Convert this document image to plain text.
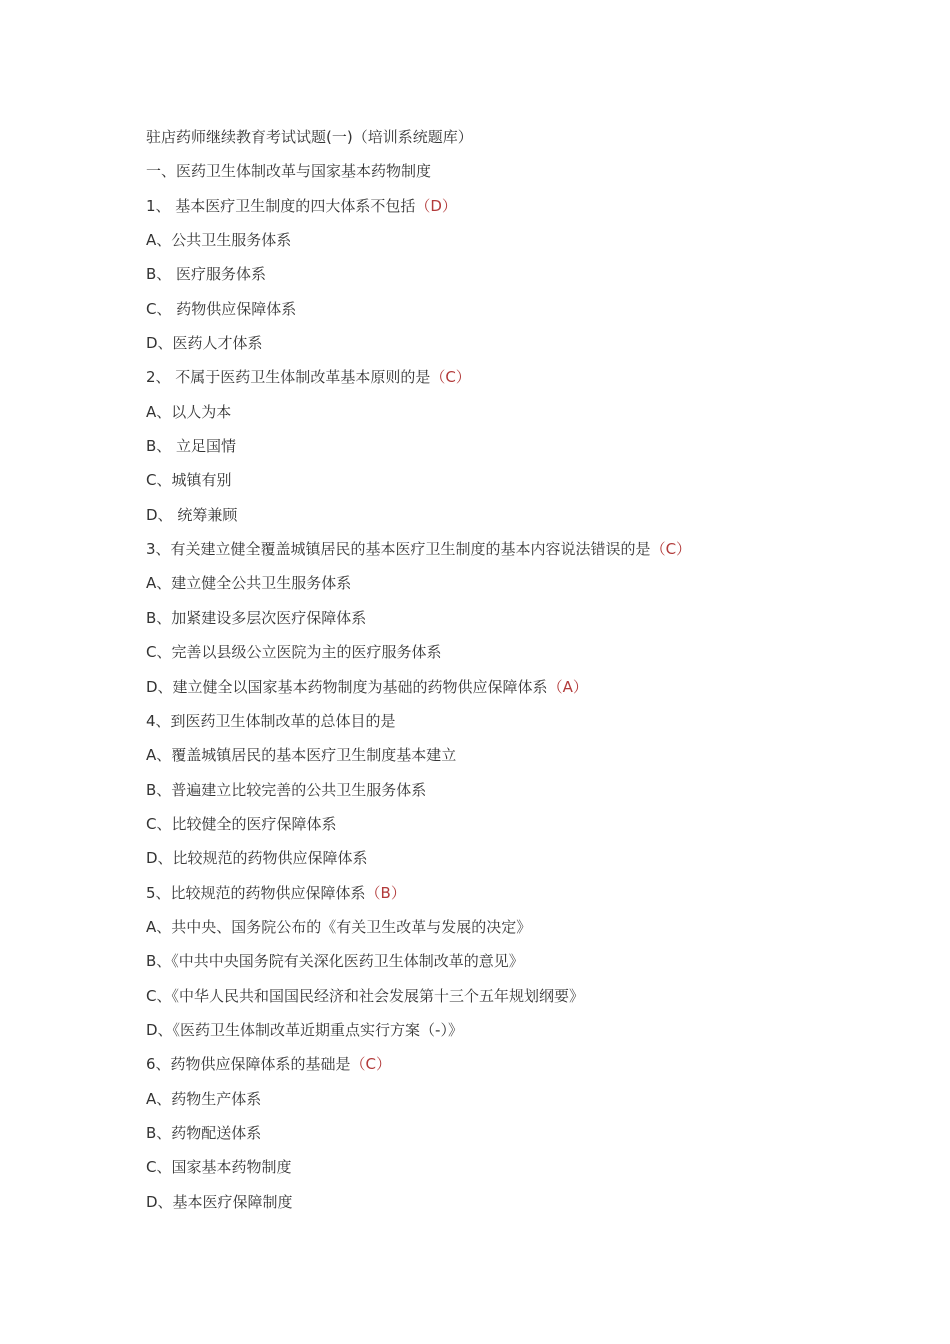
驻店药师继续教育考试试题(一)（培训系统题库）
一、医药卫生体制改革与国家基本药物制度
1、 基本医疗卫生制度的四大体系不包括（D）
A、公共卫生服务体系
B、 医疗服务体系
C、 药物供应保障体系
D、医药人才体系
2、 不属于医药卫生体制改革基本原则的是（C）
A、以人为本
B、 立足国情
C、城镇有别
D、 统筹兼顾
3、有关建立健全覆盖城镇居民的基本医疗卫生制度的基本内容说法错误的是（C）
A、建立健全公共卫生服务体系
B、加紧建设多层次医疗保障体系
C、完善以县级公立医院为主的医疗服务体系
D、建立健全以国家基本药物制度为基础的药物供应保障体系（A）
4、到医药卫生体制改革的总体目的是
A、覆盖城镇居民的基本医疗卫生制度基本建立
B、普遍建立比较完善的公共卫生服务体系
C、比较健全的医疗保障体系
D、比较规范的药物供应保障体系
5、比较规范的药物供应保障体系（B）
A、共中央、国务院公布的《有关卫生改革与发展的决定》
B、《中共中央国务院有关深化医药卫生体制改革的意见》
C、《中华人民共和国国民经济和社会发展第十三个五年规划纲要》
D、《医药卫生体制改革近期重点实行方案（-）》
6、药物供应保障体系的基础是（C）
A、药物生产体系
B、药物配送体系
C、国家基本药物制度
D、基本医疗保障制度
